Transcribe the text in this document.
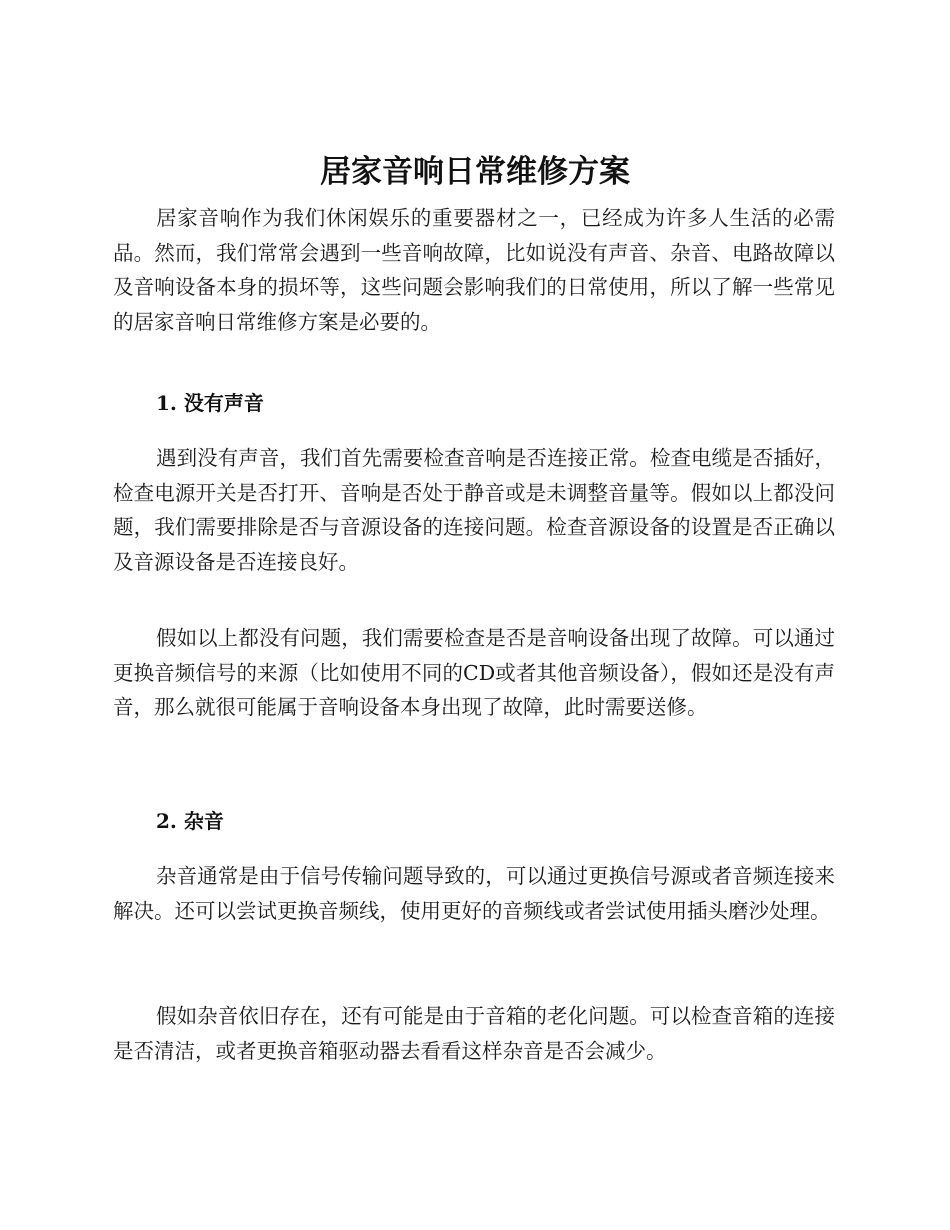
居家音响日常维修方案

居家音响作为我们休闲娱乐的重要器材之一，已经成为许多人生活的必需品。然而，我们常常会遇到一些音响故障，比如说没有声音、杂音、电路故障以及音响设备本身的损坏等，这些问题会影响我们的日常使用，所以了解一些常见的居家音响日常维修方案是必要的。

1. 没有声音

遇到没有声音，我们首先需要检查音响是否连接正常。检查电缆是否插好，检查电源开关是否打开、音响是否处于静音或是未调整音量等。假如以上都没问题，我们需要排除是否与音源设备的连接问题。检查音源设备的设置是否正确以及音源设备是否连接良好。

假如以上都没有问题，我们需要检查是否是音响设备出现了故障。可以通过更换音频信号的来源（比如使用不同的CD或者其他音频设备），假如还是没有声音，那么就很可能属于音响设备本身出现了故障，此时需要送修。

2. 杂音

杂音通常是由于信号传输问题导致的，可以通过更换信号源或者音频连接来解决。还可以尝试更换音频线，使用更好的音频线或者尝试使用插头磨沙处理。

假如杂音依旧存在，还有可能是由于音箱的老化问题。可以检查音箱的连接是否清洁，或者更换音箱驱动器去看看这样杂音是否会减少。
